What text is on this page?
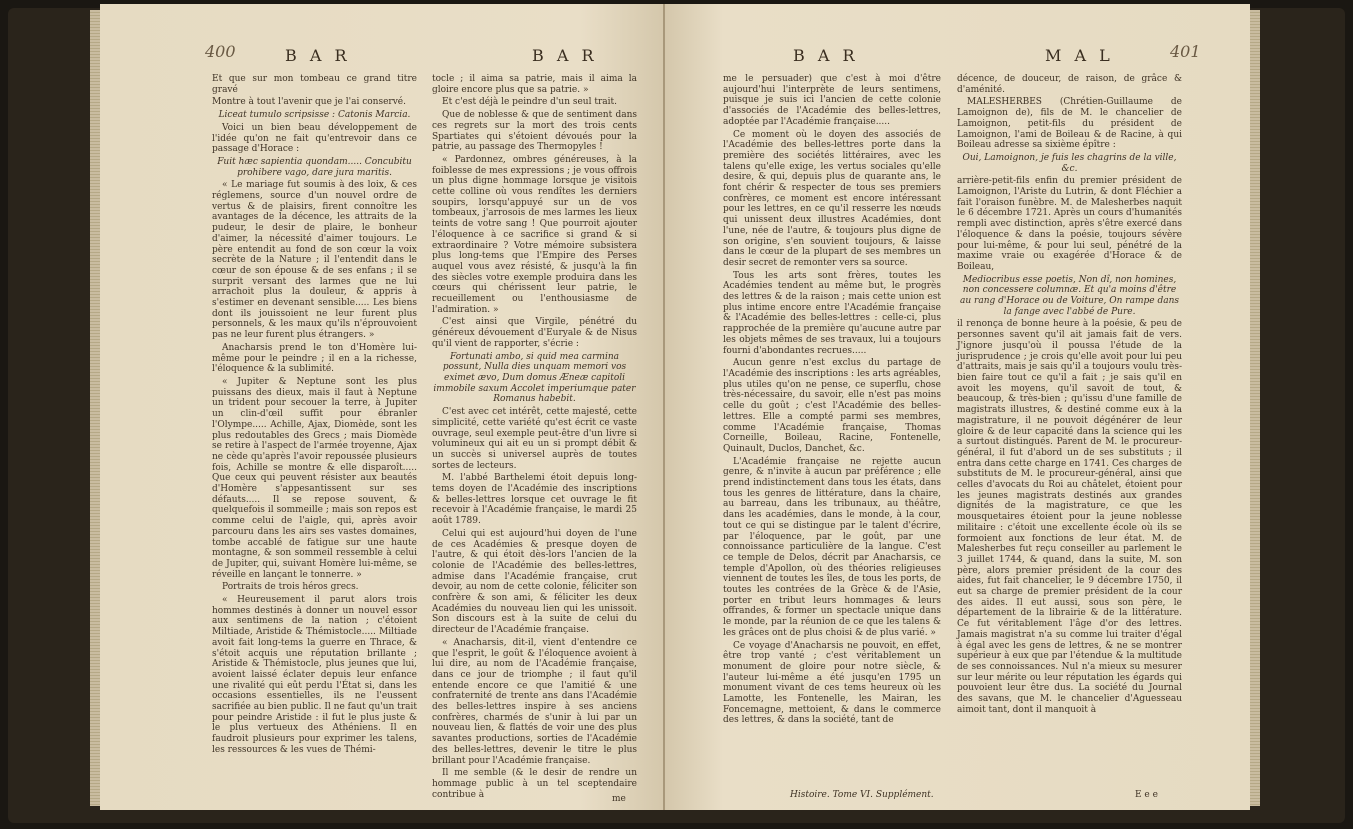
400	B A R	B A R

Et que sur mon tombeau ce grand titre gravé

Montre à tout l'avenir que je l'ai conservé.

Liceat tumulo scripsisse : Catonis Marcia.

Voici un bien beau développement de l'idée qu'on ne fait qu'entrevoir dans ce passage d'Horace :

Fuit hæc sapientia quondam..... Concubitu prohibere vago, dare jura maritis.

« Le mariage fut soumis à des loix, & ces réglemens, source d'un nouvel ordre de vertus & de plaisirs, firent connoître les avantages de la décence, les attraits de la pudeur, le desir de plaire, le bonheur d'aimer, la nécessité d'aimer toujours. Le père entendit au fond de son cœur la voix secrète de la Nature ; il l'entendit dans le cœur de son épouse & de ses enfans ; il se surprit versant des larmes que ne lui arrachoit plus la douleur, & appris à s'estimer en devenant sensible..... Les biens dont ils jouissoient ne leur furent plus personnels, & les maux qu'ils n'éprouvoient pas ne leur furent plus étrangers. »

Anacharsis prend le ton d'Homère lui-même pour le peindre ; il en a la richesse, l'éloquence & la sublimité.

« Jupiter & Neptune sont les plus puissans des dieux, mais il faut à Neptune un trident pour secouer la terre, à Jupiter un clin-d'œil suffit pour ébranler l'Olympe..... Achille, Ajax, Diomède, sont les plus redoutables des Grecs ; mais Diomède se retire à l'aspect de l'armée troyenne, Ajax ne cède qu'après l'avoir repoussée plusieurs fois, Achille se montre & elle disparoît..... Que ceux qui peuvent résister aux beautés d'Homère s'appesantissent sur ses défauts..... Il se repose souvent, & quelquefois il sommeille ; mais son repos est comme celui de l'aigle, qui, après avoir parcouru dans les airs ses vastes domaines, tombe accablé de fatigue sur une haute montagne, & son sommeil ressemble à celui de Jupiter, qui, suivant Homère lui-même, se réveille en lançant le tonnerre. »

Portraits de trois héros grecs.

« Heureusement il parut alors trois hommes destinés à donner un nouvel essor aux sentimens de la nation ; c'étoient Miltiade, Aristide & Thémistocle..... Miltiade avoit fait long-tems la guerre en Thrace, & s'étoit acquis une réputation brillante ; Aristide & Thémistocle, plus jeunes que lui, avoient laissé éclater depuis leur enfance une rivalité qui eût perdu l'État si, dans les occasions essentielles, ils ne l'eussent sacrifiée au bien public. Il ne faut qu'un trait pour peindre Aristide : il fut le plus juste & le plus vertueux des Athéniens. Il en faudroit plusieurs pour exprimer les talens, les ressources & les vues de Thémi-

tocle ; il aima sa patrie, mais il aima la gloire encore plus que sa patrie. »

Et c'est déjà le peindre d'un seul trait.

Que de noblesse & que de sentiment dans ces regrets sur la mort des trois cents Spartiates qui s'étoient dévoués pour la patrie, au passage des Thermopyles !

« Pardonnez, ombres généreuses, à la foiblesse de mes expressions ; je vous offrois un plus digne hommage lorsque je visitois cette colline où vous rendîtes les derniers soupirs, lorsqu'appuyé sur un de vos tombeaux, j'arrosois de mes larmes les lieux teints de votre sang ! Que pourroit ajouter l'éloquence à ce sacrifice si grand & si extraordinaire ? Votre mémoire subsistera plus long-tems que l'Empire des Perses auquel vous avez résisté, & jusqu'à la fin des siècles votre exemple produira dans les cœurs qui chérissent leur patrie, le recueillement ou l'enthousiasme de l'admiration. »

C'est ainsi que Virgile, pénétré du généreux dévouement d'Euryale & de Nisus qu'il vient de rapporter, s'écrie :

Fortunati ambo, si quid mea carmina possunt, Nulla dies unquam memori vos eximet ævo, Dum domus Æneæ capitoli immobile saxum Accolet imperiumque pater Romanus habebit.

C'est avec cet intérêt, cette majesté, cette simplicité, cette variété qu'est écrit ce vaste ouvrage, seul exemple peut-être d'un livre si volumineux qui ait eu un si prompt débit & un succès si universel auprès de toutes sortes de lecteurs.

M. l'abbé Barthelemi étoit depuis long-tems doyen de l'Académie des inscriptions & belles-lettres lorsque cet ouvrage le fit recevoir à l'Académie française, le mardi 25 août 1789.

Celui qui est aujourd'hui doyen de l'une de ces Académies & presque doyen de l'autre, & qui étoit dès-lors l'ancien de la colonie de l'Académie des belles-lettres, admise dans l'Académie française, crut devoir, au nom de cette colonie, féliciter son confrère & son ami, & féliciter les deux Académies du nouveau lien qui les unissoit. Son discours est à la suite de celui du directeur de l'Académie française.

« Anacharsis, dit-il, vient d'entendre ce que l'esprit, le goût & l'éloquence avoient à lui dire, au nom de l'Académie française, dans ce jour de triomphe ; il faut qu'il entende encore ce que l'amitié & une confraternité de trente ans dans l'Académie des belles-lettres inspire à ses anciens confrères, charmés de s'unir à lui par un nouveau lien, & flattés de voir une des plus savantes productions, sorties de l'Académie des belles-lettres, devenir le titre le plus brillant pour l'Académie française.

Il me semble (& le desir de rendre un hommage public à un tel sceptendaire contribue à	me
B A R	M A L	401

me le persuader) que c'est à moi d'être aujourd'hui l'interprète de leurs sentimens, puisque je suis ici l'ancien de cette colonie d'associés de l'Académie des belles-lettres, adoptée par l'Académie française.....

Ce moment où le doyen des associés de l'Académie des belles-lettres porte dans la première des sociétés littéraires, avec les talens qu'elle exige, les vertus sociales qu'elle desire, & qui, depuis plus de quarante ans, le font chérir & respecter de tous ses premiers confrères, ce moment est encore intéressant pour les lettres, en ce qu'il resserre les nœuds qui unissent deux illustres Académies, dont l'une, née de l'autre, & toujours plus digne de son origine, s'en souvient toujours, & laisse dans le cœur de la plupart de ses membres un desir secret de remonter vers sa source.

Tous les arts sont frères, toutes les Académies tendent au même but, le progrès des lettres & de la raison ; mais cette union est plus intime encore entre l'Académie française & l'Académie des belles-lettres : celle-ci, plus rapprochée de la première qu'aucune autre par les objets mêmes de ses travaux, lui a toujours fourni d'abondantes recrues.....

Aucun genre n'est exclus du partage de l'Académie des inscriptions : les arts agréables, plus utiles qu'on ne pense, ce superflu, chose très-nécessaire, du savoir, elle n'est pas moins celle du goût ; c'est l'Académie des belles-lettres. Elle a compté parmi ses membres, comme l'Académie française, Thomas Corneille, Boileau, Racine, Fontenelle, Quinault, Duclos, Danchet, &c.

L'Académie française ne rejette aucun genre, & n'invite à aucun par préférence ; elle prend indistinctement dans tous les états, dans tous les genres de littérature, dans la chaire, au barreau, dans les tribunaux, au théâtre, dans les académies, dans le monde, à la cour, tout ce qui se distingue par le talent d'écrire, par l'éloquence, par le goût, par une connoissance particulière de la langue. C'est ce temple de Delos, décrit par Anacharsis, ce temple d'Apollon, où des théories religieuses viennent de toutes les îles, de tous les ports, de toutes les contrées de la Grèce & de l'Asie, porter en tribut leurs hommages & leurs offrandes, & former un spectacle unique dans le monde, par la réunion de ce que les talens & les grâces ont de plus choisi & de plus varié. »

Ce voyage d'Anacharsis ne pouvoit, en effet, être trop vanté ; c'est véritablement un monument de gloire pour notre siècle, & l'auteur lui-même a été jusqu'en 1795 un monument vivant de ces tems heureux où les Lamotte, les Fontenelle, les Mairan, les Foncemagne, mettoient, & dans le commerce des lettres, & dans la société, tant de

Histoire. Tome VI. Supplément.

décence, de douceur, de raison, de grâce & d'aménité.

MALESHERBES (Chrétien-Guillaume de Lamoignon de), fils de M. le chancelier de Lamoignon, petit-fils du président de Lamoignon, l'ami de Boileau & de Racine, à qui Boileau adresse sa sixième épître :

Oui, Lamoignon, je fuis les chagrins de la ville, &c.

arrière-petit-fils enfin du premier président de Lamoignon, l'Ariste du Lutrin, & dont Fléchier a fait l'oraison funèbre. M. de Malesherbes naquit le 6 décembre 1721. Après un cours d'humanités rempli avec distinction, après s'être exercé dans l'éloquence & dans la poésie, toujours sévère pour lui-même, & pour lui seul, pénétré de la maxime vraie ou exagérée d'Horace & de Boileau,

Mediocribus esse poetis, Non dî, non homines, non concessere columnæ. Et qu'a moins d'être au rang d'Horace ou de Voiture, On rampe dans la fange avec l'abbé de Pure.

il renonça de bonne heure à la poésie, & peu de personnes savent qu'il ait jamais fait de vers. J'ignore jusqu'où il poussa l'étude de la jurisprudence ; je crois qu'elle avoit pour lui peu d'attraits, mais je sais qu'il a toujours voulu très-bien faire tout ce qu'il a fait ; je sais qu'il en avoit les moyens, qu'il savoit de tout, & beaucoup, & très-bien ; qu'issu d'une famille de magistrats illustres, & destiné comme eux à la magistrature, il ne pouvoit dégénérer de leur gloire & de leur capacité dans la science qui les a surtout distingués. Parent de M. le procureur-général, il fut d'abord un de ses substituts ; il entra dans cette charge en 1741. Ces charges de substituts de M. le procureur-général, ainsi que celles d'avocats du Roi au châtelet, étoient pour les jeunes magistrats destinés aux grandes dignités de la magistrature, ce que les mousquetaires étoient pour la jeune noblesse militaire : c'étoit une excellente école où ils se formoient aux fonctions de leur état. M. de Malesherbes fut reçu conseiller au parlement le 3 juillet 1744, & quand, dans la suite, M. son père, alors premier président de la cour des aides, fut fait chancelier, le 9 décembre 1750, il eut sa charge de premier président de la cour des aides. Il eut aussi, sous son père, le département de la librairie & de la littérature. Ce fut véritablement l'âge d'or des lettres. Jamais magistrat n'a su comme lui traiter d'égal à égal avec les gens de lettres, & ne se montrer supérieur à eux que par l'étendue & la multitude de ses connoissances. Nul n'a mieux su mesurer sur leur mérite ou leur réputation les égards qui pouvoient leur être dus. La société du Journal des savans, que M. le chancelier d'Aguesseau aimoit tant, dont il manquoit à

E e e
